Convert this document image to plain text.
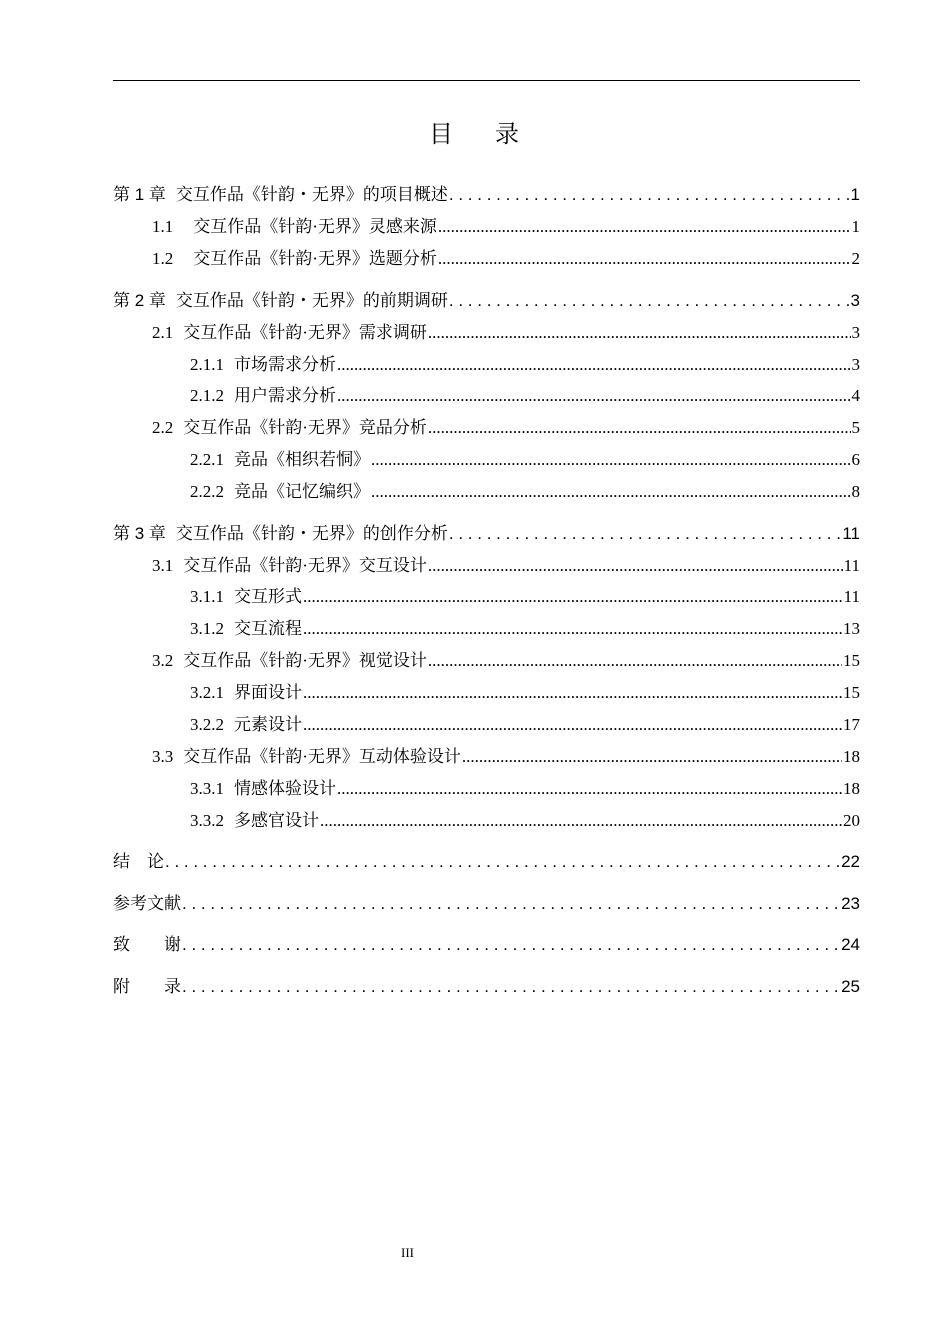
目 录
第 1 章 交互作品《针韵・无界》的项目概述 . . .	1
1.1 交互作品《针韵·无界》灵感来源 .....	1
1.2 交互作品《针韵·无界》选题分析 .....	2
第 2 章 交互作品《针韵・无界》的前期调研 . . .	3
2.1 交互作品《针韵·无界》需求调研 .....	3
2.1.1 市场需求分析 .....	3
2.1.2 用户需求分析 .....	4
2.2 交互作品《针韵·无界》竞品分析 .....	5
2.2.1 竞品《相织若恫》 .....	6
2.2.2 竞品《记忆编织》 .....	8
第 3 章 交互作品《针韵・无界》的创作分析 . . .	11
3.1 交互作品《针韵·无界》交互设计 .....	11
3.1.1 交互形式 .....	11
3.1.2 交互流程 .....	13
3.2 交互作品《针韵·无界》视觉设计 .....	15
3.2.1 界面设计 .....	15
3.2.2 元素设计 .....	17
3.3 交互作品《针韵·无界》互动体验设计 .....	18
3.3.1 情感体验设计 .....	18
3.3.2 多感官设计 .....	20
结　论 . . .	22
参考文献 . . .	23
致　　谢 . . .	24
附　　录 . . .	25
III
